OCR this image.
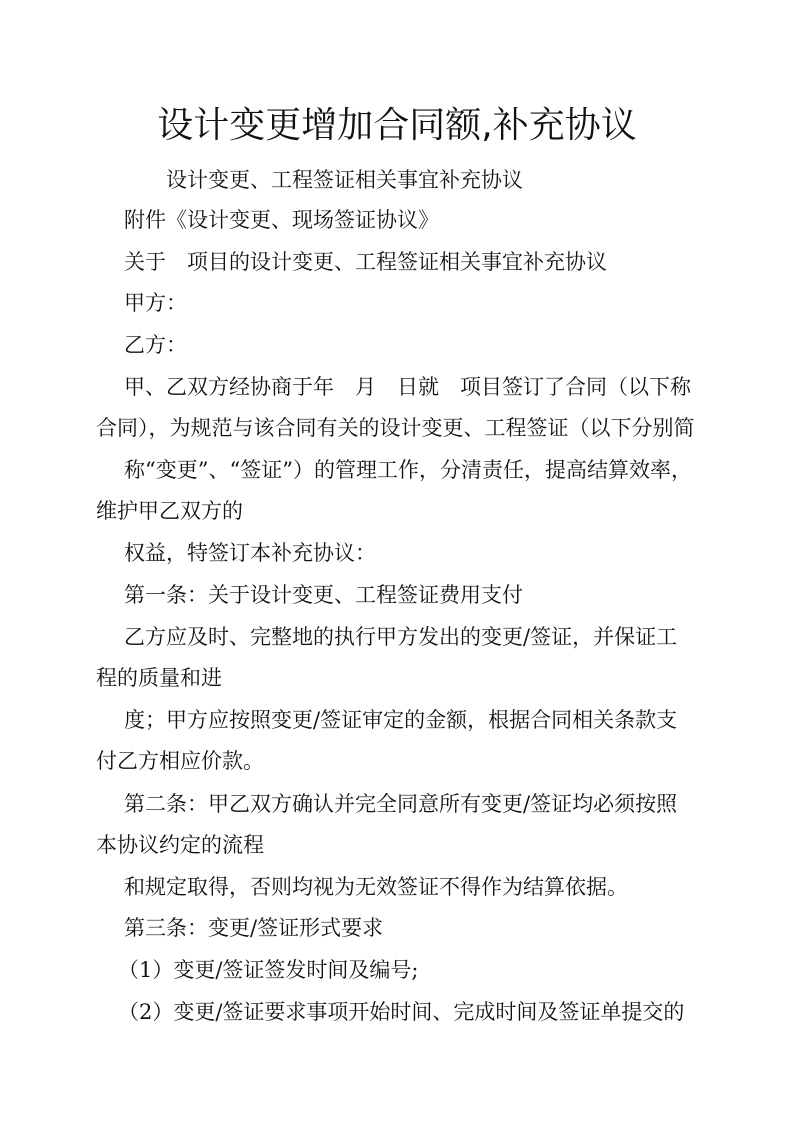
设计变更增加合同额,补充协议

设计变更、工程签证相关事宜补充协议

附件《设计变更、现场签证协议》

关于　项目的设计变更、工程签证相关事宜补充协议

甲方：

乙方：

甲、乙双方经协商于年　月　日就　项目签订了合同（以下称

合同），为规范与该合同有关的设计变更、工程签证（以下分别简

称“变更”、“签证”）的管理工作，分清责任，提高结算效率，

维护甲乙双方的

权益，特签订本补充协议：

第一条：关于设计变更、工程签证费用支付

乙方应及时、完整地的执行甲方发出的变更/签证，并保证工

程的质量和进

度；甲方应按照变更/签证审定的金额，根据合同相关条款支

付乙方相应价款。

第二条：甲乙双方确认并完全同意所有变更/签证均必须按照

本协议约定的流程

和规定取得，否则均视为无效签证不得作为结算依据。

第三条：变更/签证形式要求

（1）变更/签证签发时间及编号;

（2）变更/签证要求事项开始时间、完成时间及签证单提交的
